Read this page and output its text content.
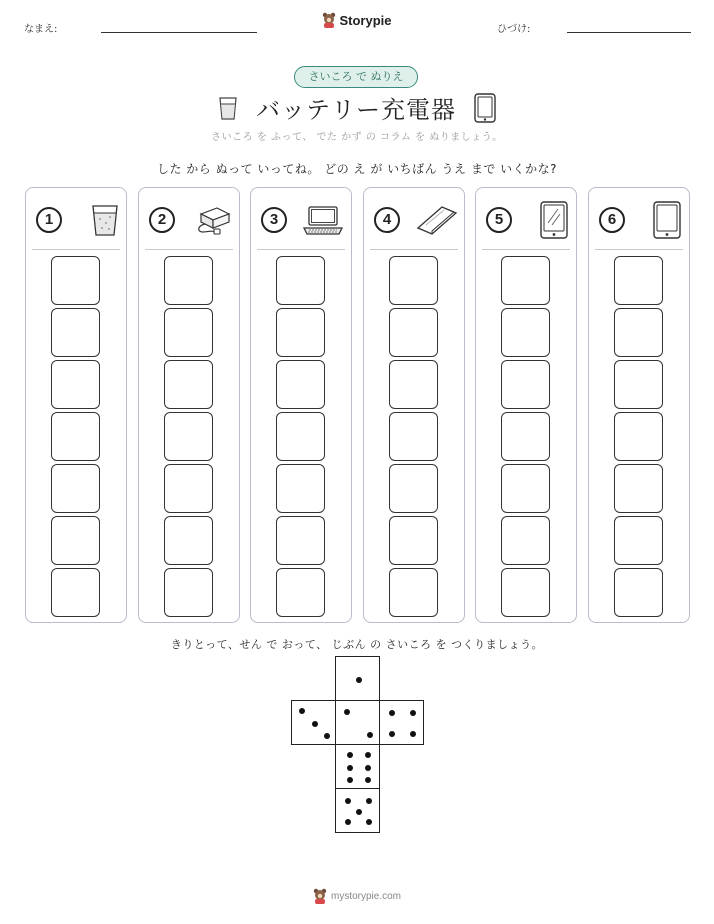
なまえ:	ひづけ:
Storypie
さいころ で ぬりえ
バッテリー充電器
さいころ を ふって、 でた かず の コラム を ぬりましょう。
した から ぬって いってね。 どの え が いちばん うえ まで いくかな?
1	2	3	4	5	6
きりとって、せん で おって、 じぶん の さいころ を つくりましょう。
mystorypie.com
